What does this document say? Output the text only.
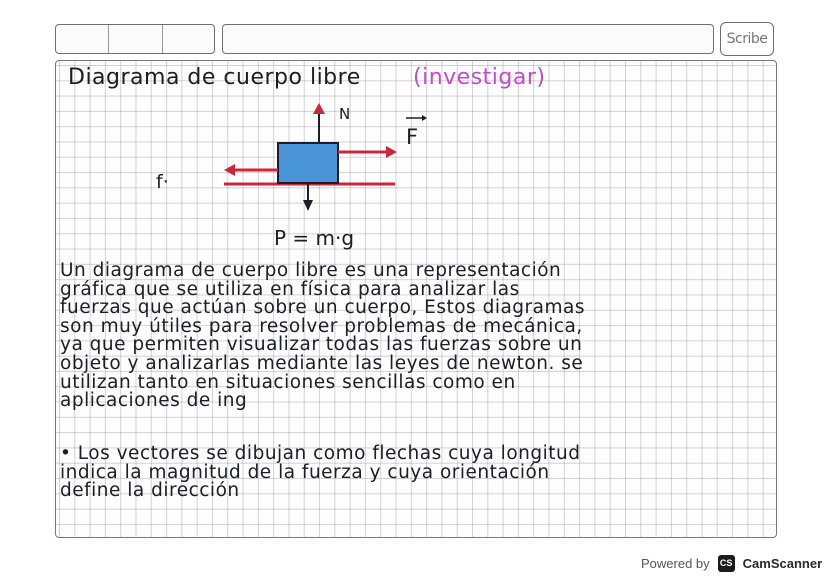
Scribe
Diagrama de cuerpo libre (investigar)
N
F
f·
P = m·g
Un diagrama de cuerpo libre es una representación
gráfica que se utiliza en física para analizar las
fuerzas que actúan sobre un cuerpo, Estos diagramas
son muy útiles para resolver problemas de mecánica,
ya que permiten visualizar todas las fuerzas sobre un
objeto y analizarlas mediante las leyes de newton. se
utilizan tanto en situaciones sencillas como en
aplicaciones de ing
• Los vectores se dibujan como flechas cuya longitud
indica la magnitud de la fuerza y cuya orientación
define la dirección
Powered by CS CamScanner
